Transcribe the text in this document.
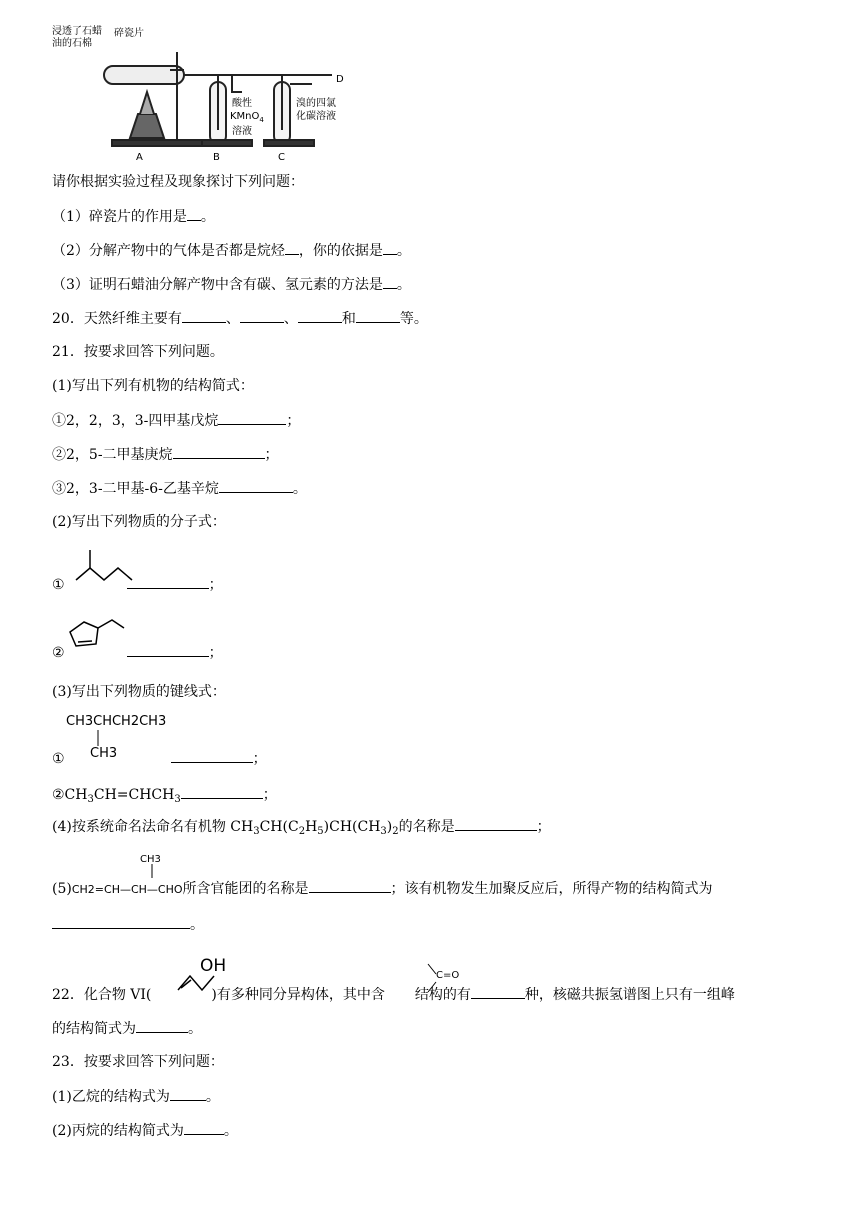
浸透了石蜡
油的石棉
碎瓷片
酸性
KMnO$_4$
溶液
溴的四氯
化碳溶液
A	B	C
D
请你根据实验过程及现象探讨下列问题：
（1）碎瓷片的作用是 。
（2）分解产物中的气体是否都是烷烃 ，你的依据是 。
（3）证明石蜡油分解产物中含有碳、氢元素的方法是 。
20．天然纤维主要有	、	、	和	等。
21．按要求回答下列问题。
(1)写出下列有机物的结构简式：
①2，2，3，3-四甲基戊烷	；
②2，5-二甲基庚烷	；
③2，3-二甲基-6-乙基辛烷	。
(2)写出下列物质的分子式：
①	；
②	；
(3)写出下列物质的键线式：
CH3CHCH2CH3
CH3
①	；
$②CH_3CH=CHCH_3$	；
(4)按系统命名法命名有机物 $CH_3CH(C_2H_5)CH(CH_3)_2$的名称是	；
CH3
(5)CH2=CH—CH—CHO所含官能团的名称是	；该有机物发生加聚反应后，所得产物的结构简式为
。
OH	C=O
22．化合物 VI(	)有多种同分异构体，其中含 结构的有	种，核磁共振氢谱图上只有一组峰
的结构简式为	。
23．按要求回答下列问题：
(1)乙烷的结构式为	。
(2)丙烷的结构简式为	。
